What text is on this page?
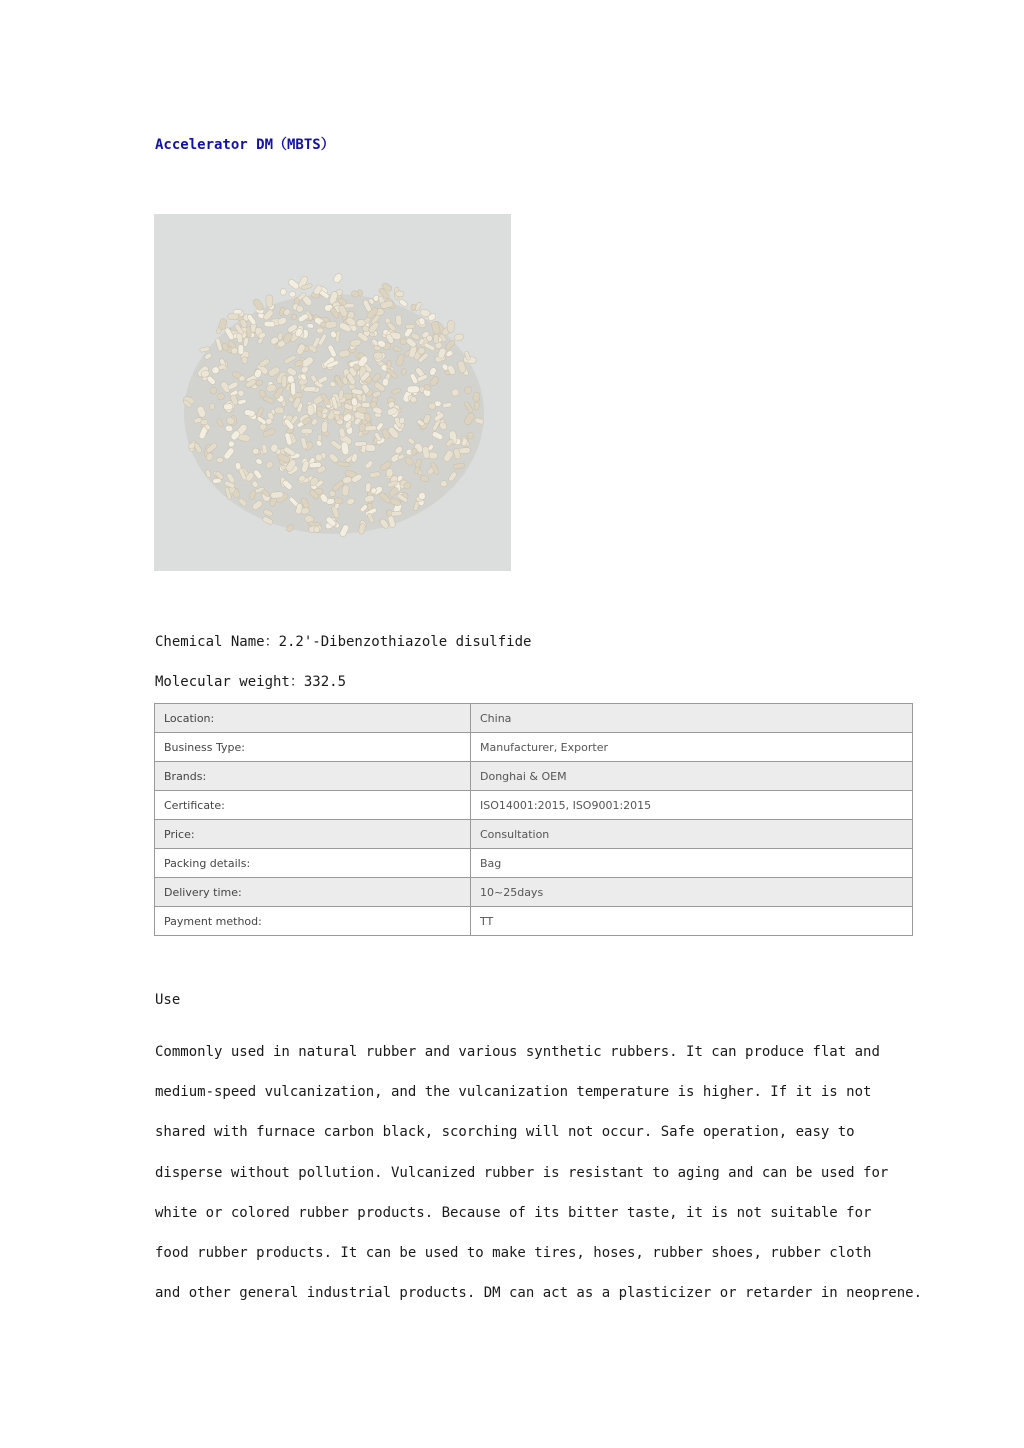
Accelerator DM（MBTS）
Chemical Name：2.2'-Dibenzothiazole disulfide
Molecular weight：332.5
Location:	China
Business Type:	Manufacturer, Exporter
Brands:	Donghai & OEM
Certificate:	ISO14001:2015, ISO9001:2015
Price:	Consultation
Packing details:	Bag
Delivery time:	10~25days
Payment method:	TT
Use
Commonly used in natural rubber and various synthetic rubbers. It can produce flat and
medium-speed vulcanization, and the vulcanization temperature is higher. If it is not
shared with furnace carbon black, scorching will not occur. Safe operation, easy to
disperse without pollution. Vulcanized rubber is resistant to aging and can be used for
white or colored rubber products. Because of its bitter taste, it is not suitable for
food rubber products. It can be used to make tires, hoses, rubber shoes, rubber cloth
and other general industrial products. DM can act as a plasticizer or retarder in neoprene.
